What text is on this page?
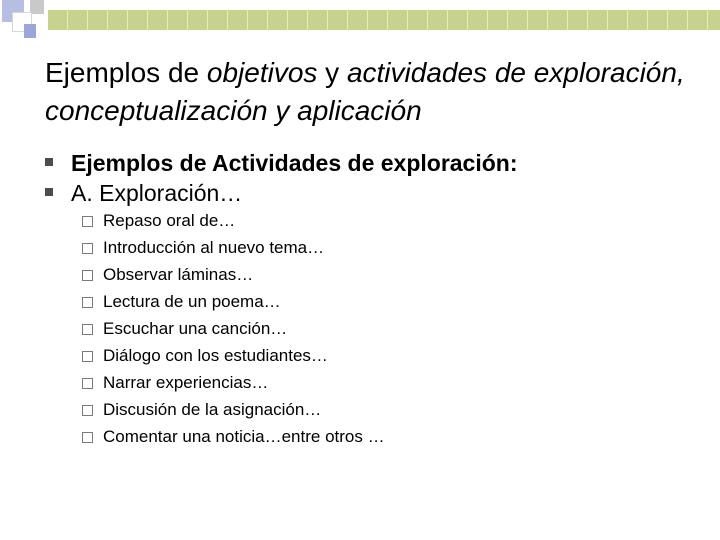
Ejemplos de objetivos y actividades de exploración, conceptualización y aplicación
Ejemplos de Actividades de exploración:
A. Exploración…
Repaso oral de…
Introducción al nuevo tema…
Observar láminas…
Lectura de un poema…
Escuchar una canción…
Diálogo con los estudiantes…
Narrar experiencias…
Discusión de la asignación…
Comentar una noticia…entre otros …
